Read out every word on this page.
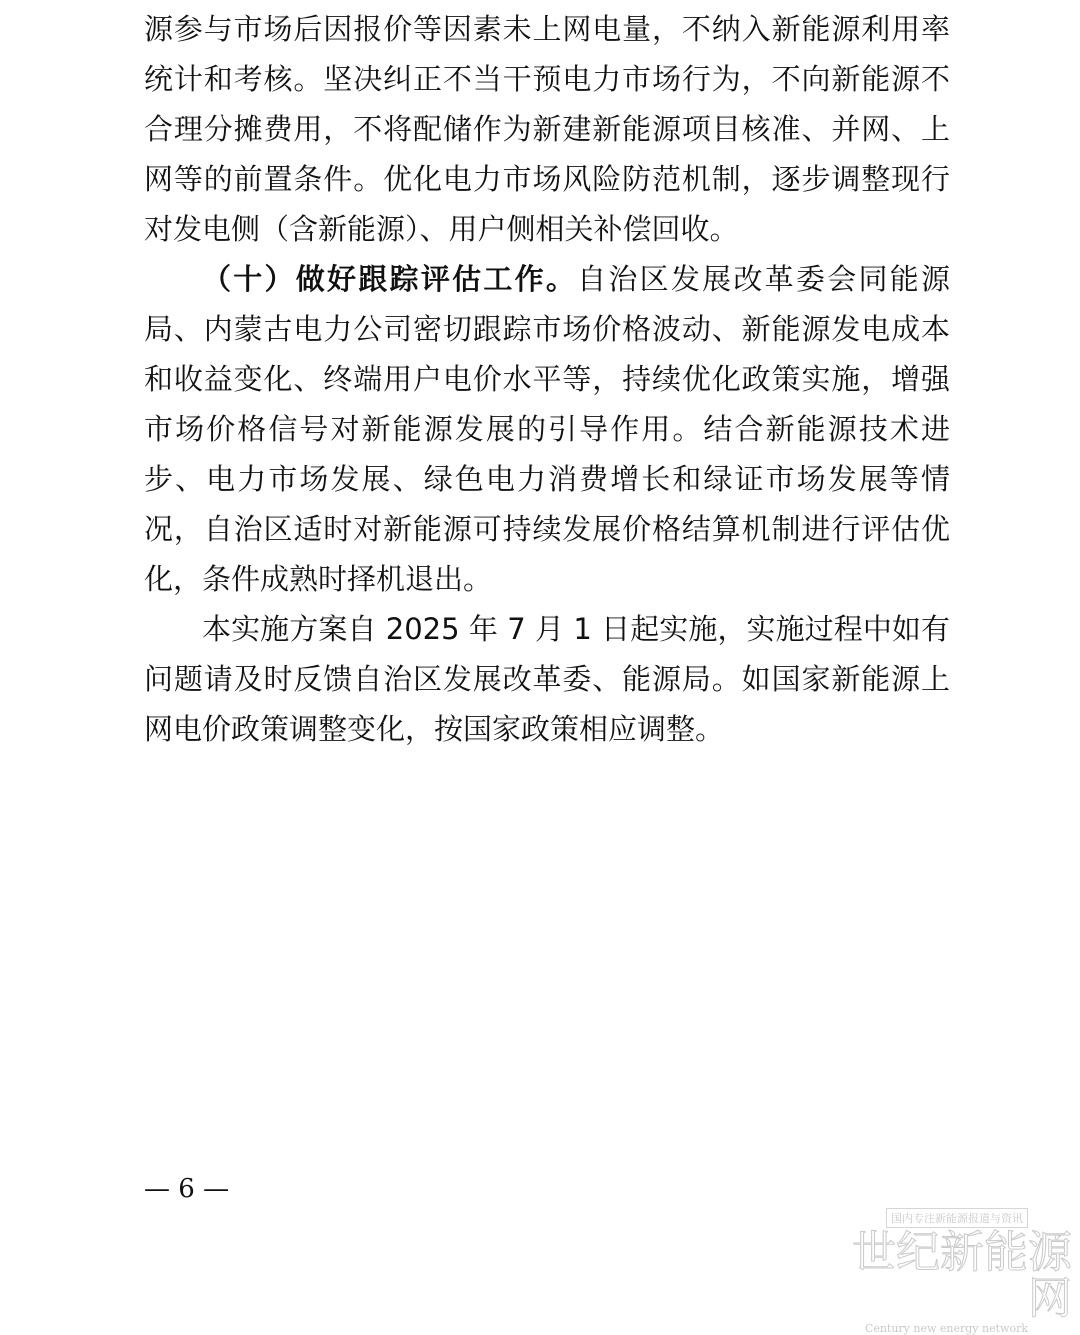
源参与市场后因报价等因素未上网电量，不纳入新能源利用率统计和考核。坚决纠正不当干预电力市场行为，不向新能源不合理分摊费用，不将配储作为新建新能源项目核准、并网、上网等的前置条件。优化电力市场风险防范机制，逐步调整现行对发电侧（含新能源）、用户侧相关补偿回收。

（十）做好跟踪评估工作。自治区发展改革委会同能源局、内蒙古电力公司密切跟踪市场价格波动、新能源发电成本和收益变化、终端用户电价水平等，持续优化政策实施，增强市场价格信号对新能源发展的引导作用。结合新能源技术进步、电力市场发展、绿色电力消费增长和绿证市场发展等情况，自治区适时对新能源可持续发展价格结算机制进行评估优化，条件成熟时择机退出。

本实施方案自 2025 年 7 月 1 日起实施，实施过程中如有问题请及时反馈自治区发展改革委、能源局。如国家新能源上网电价政策调整变化，按国家政策相应调整。

— 6 —
国内专注新能源报道与资讯
世纪新能源网
Century new energy network
